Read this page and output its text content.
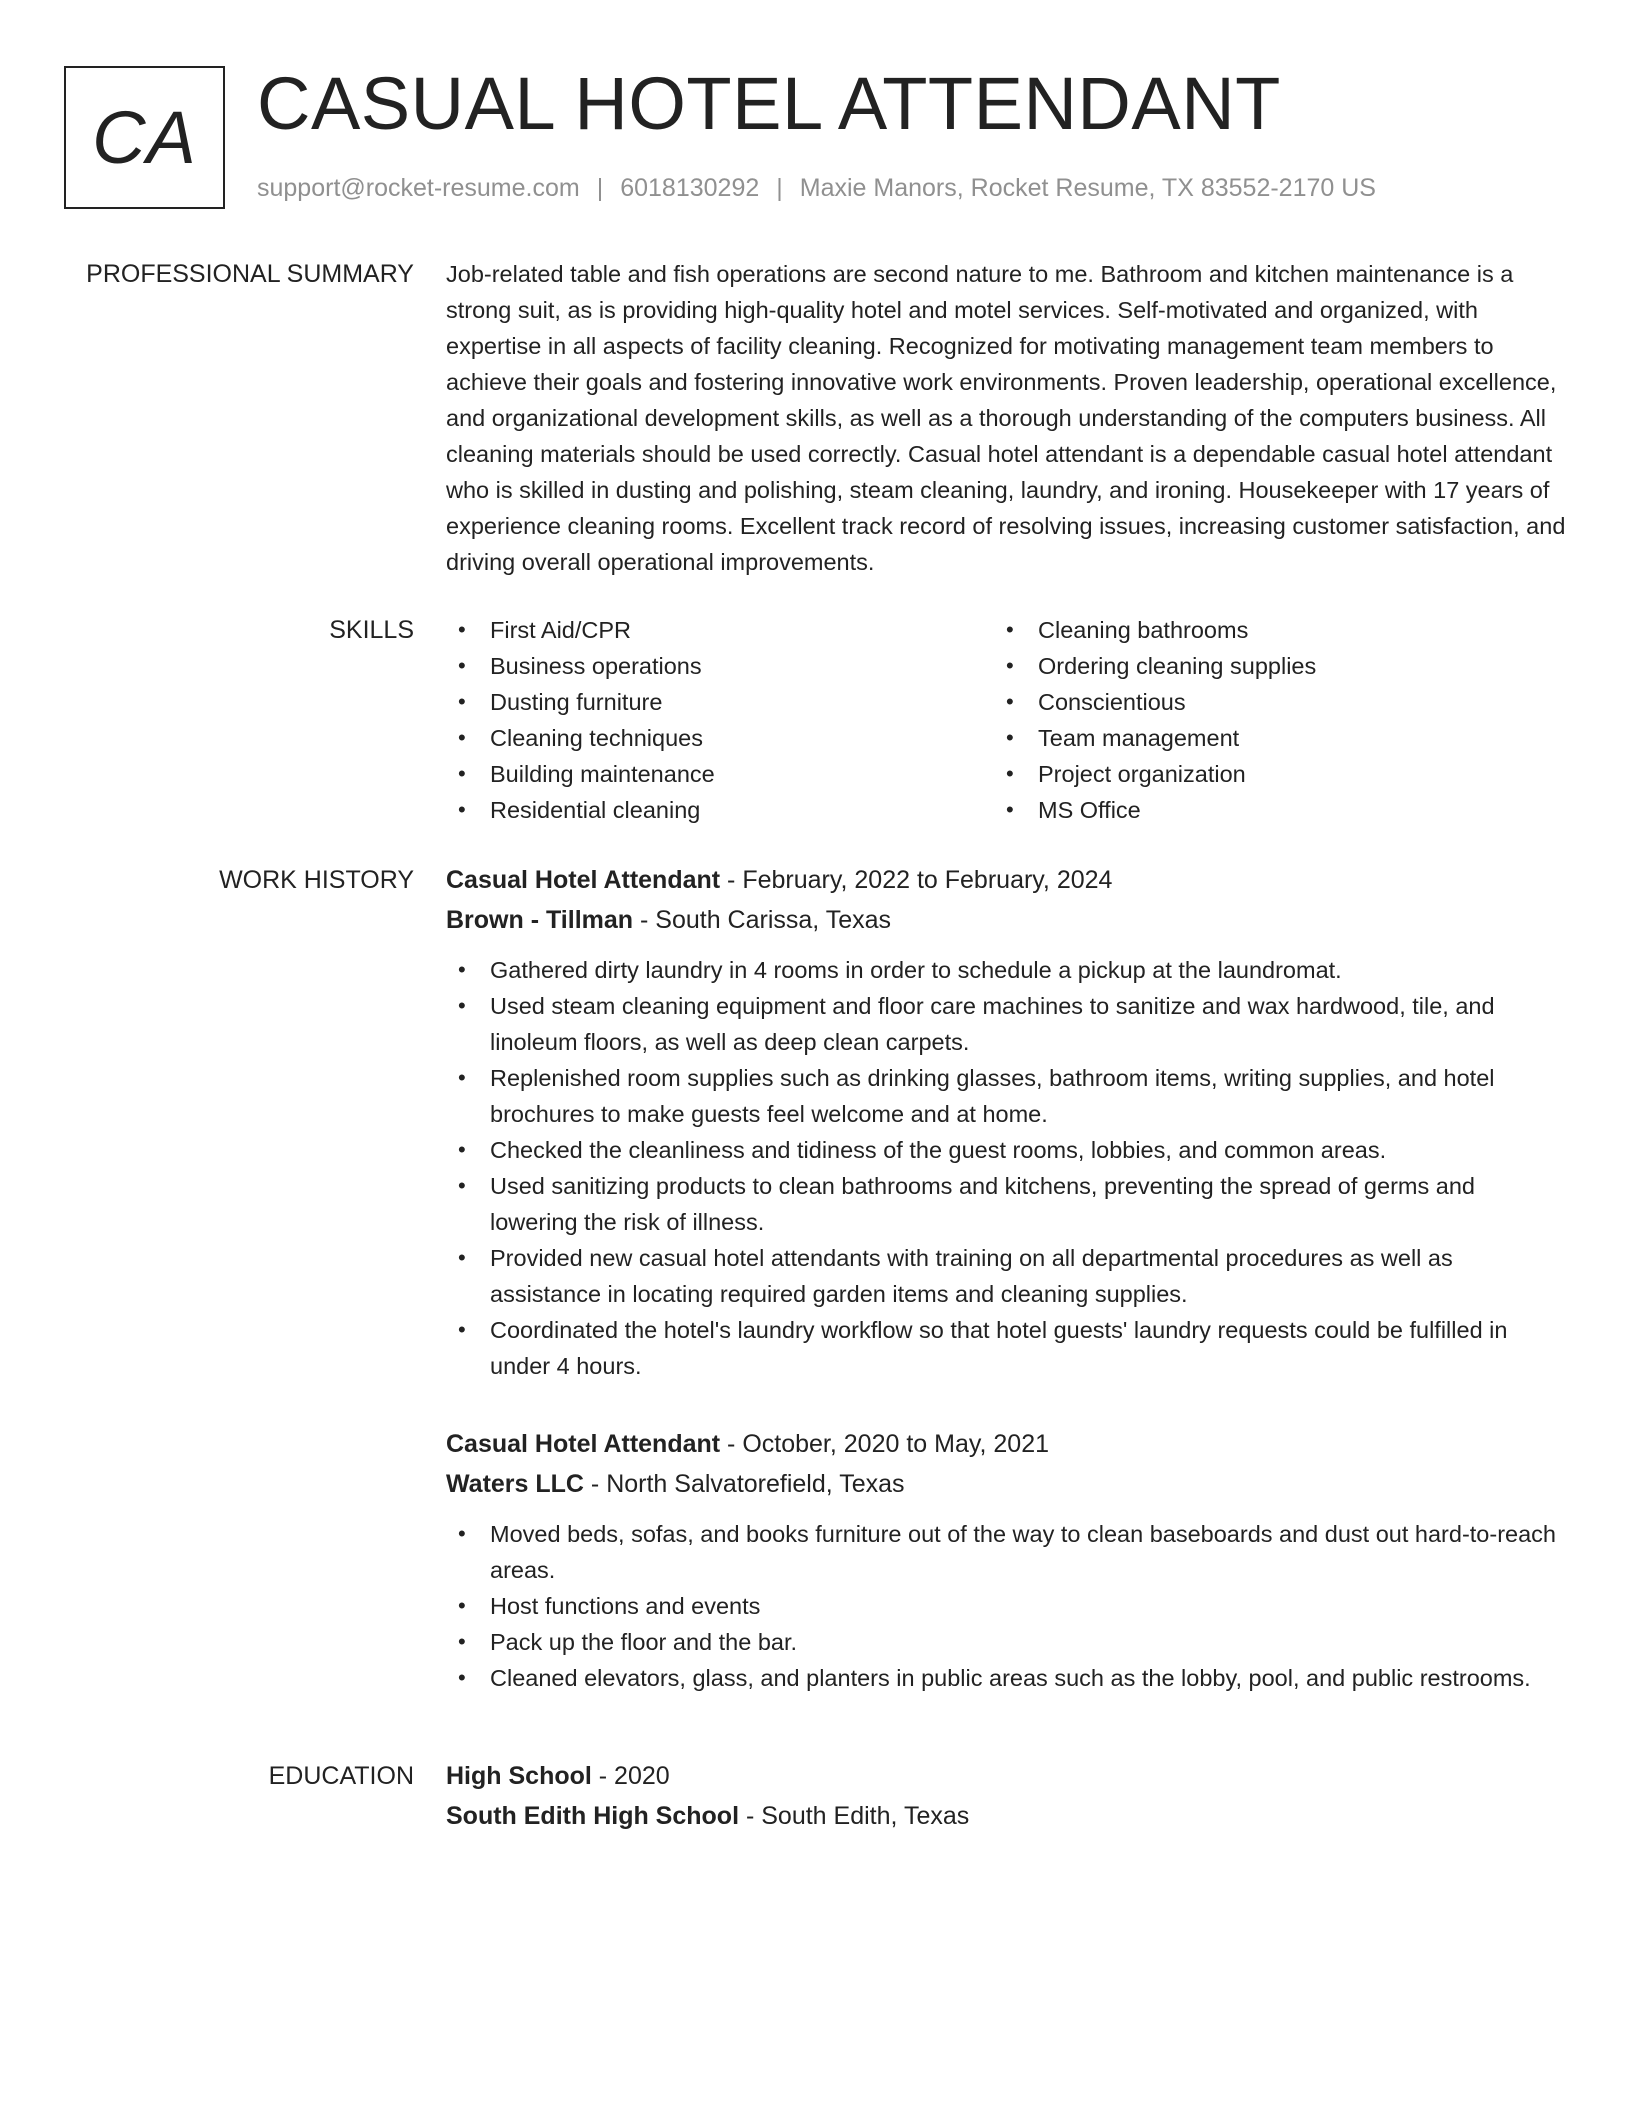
CA CASUAL HOTEL ATTENDANT
support@rocket-resume.com | 6018130292 | Maxie Manors, Rocket Resume, TX 83552-2170 US
PROFESSIONAL SUMMARY Job-related table and fish operations are second nature to me. Bathroom and kitchen maintenance is a strong suit, as is providing high-quality hotel and motel services. Self-motivated and organized, with expertise in all aspects of facility cleaning. Recognized for motivating management team members to achieve their goals and fostering innovative work environments. Proven leadership, operational excellence, and organizational development skills, as well as a thorough understanding of the computers business. All cleaning materials should be used correctly. Casual hotel attendant is a dependable casual hotel attendant who is skilled in dusting and polishing, steam cleaning, laundry, and ironing. Housekeeper with 17 years of experience cleaning rooms. Excellent track record of resolving issues, increasing customer satisfaction, and driving overall operational improvements.

SKILLS
•	First Aid/CPR
• Business operations
• Dusting furniture
• Cleaning techniques
• Building maintenance
• Residential cleaning
• Cleaning bathrooms
• Ordering cleaning supplies
• Conscientious
• Team management
• Project organization
• MS Office
WORK HISTORY Casual Hotel Attendant - February, 2022 to February, 2024
Brown - Tillman - South Carissa, Texas
• Gathered dirty laundry in 4 rooms in order to schedule a pickup at the laundromat.
• Used steam cleaning equipment and floor care machines to sanitize and wax hardwood, tile, and linoleum floors, as well as deep clean carpets.
• Replenished room supplies such as drinking glasses, bathroom items, writing supplies, and hotel brochures to make guests feel welcome and at home.
• Checked the cleanliness and tidiness of the guest rooms, lobbies, and common areas.
• Used sanitizing products to clean bathrooms and kitchens, preventing the spread of germs and lowering the risk of illness.
• Provided new casual hotel attendants with training on all departmental procedures as well as assistance in locating required garden items and cleaning supplies.
• Coordinated the hotel's laundry workflow so that hotel guests' laundry requests could be fulfilled in under 4 hours.
Casual Hotel Attendant - October, 2020 to May, 2021
Waters LLC - North Salvatorefield, Texas
• Moved beds, sofas, and books furniture out of the way to clean baseboards and dust out hard-to-reach areas.
• Host functions and events
• Pack up the floor and the bar.
• Cleaned elevators, glass, and planters in public areas such as the lobby, pool, and public restrooms.
EDUCATION High School - 2020
South Edith High School - South Edith, Texas
